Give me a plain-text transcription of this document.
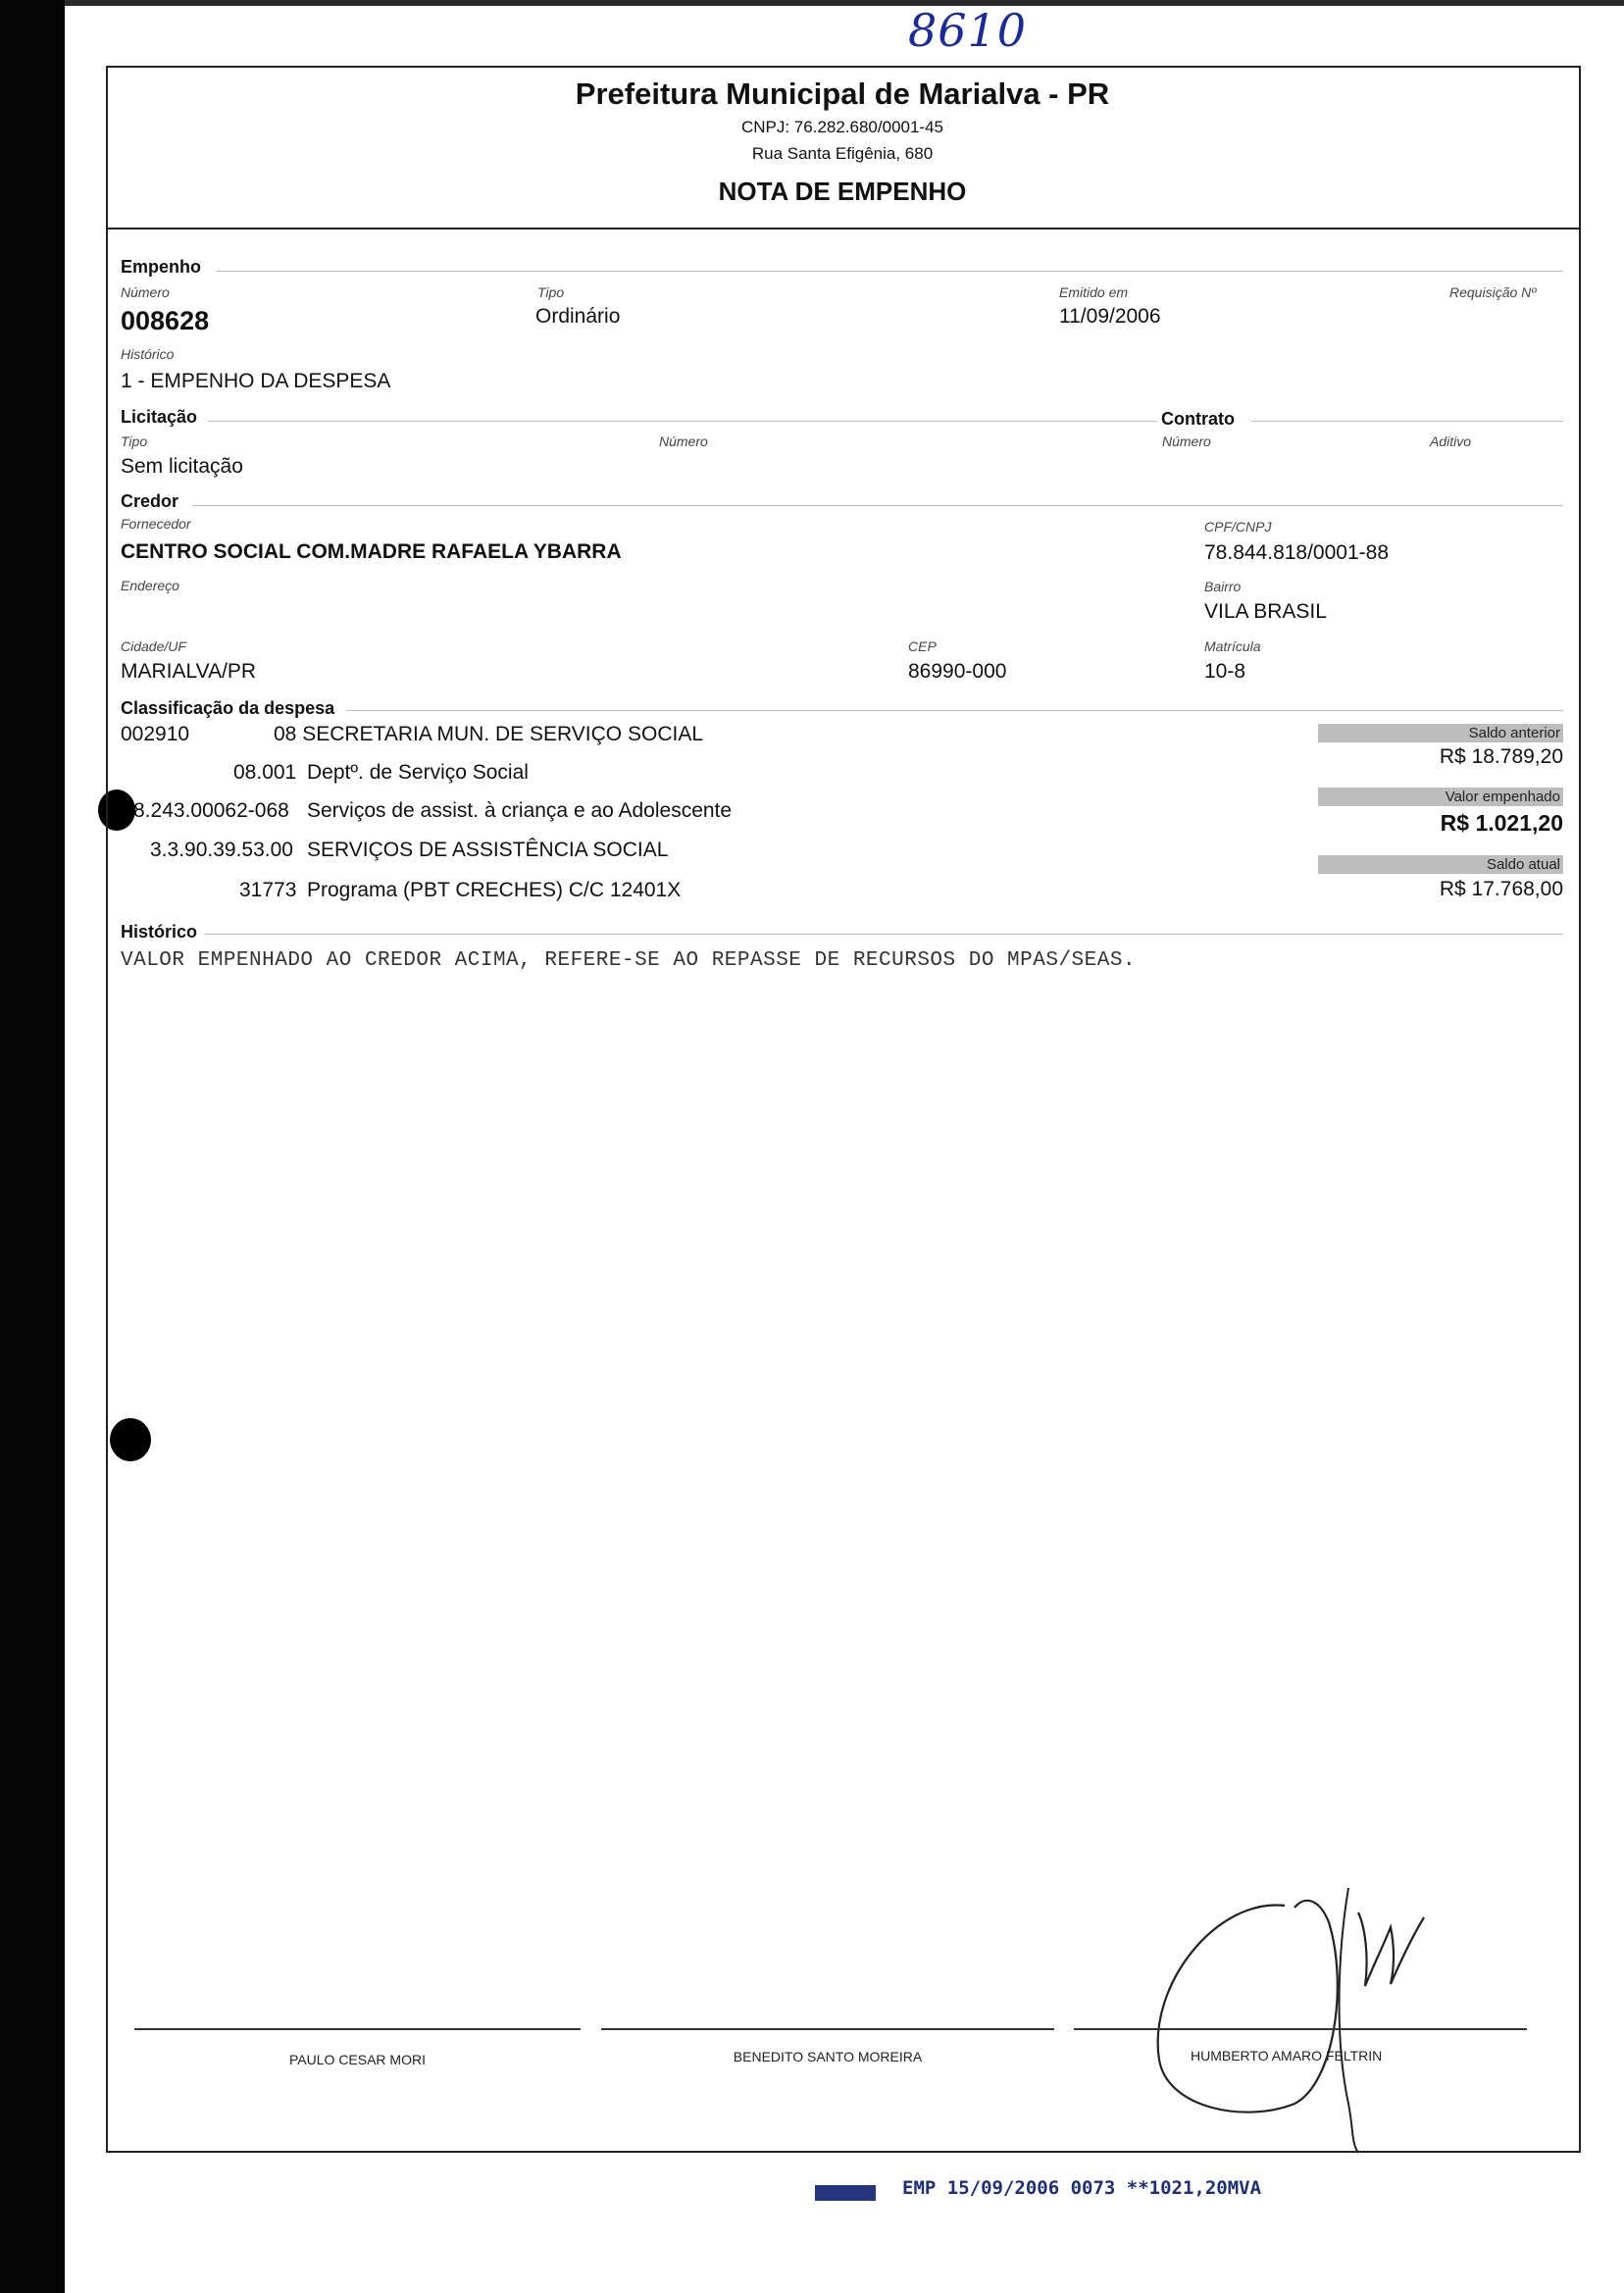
8610
Prefeitura Municipal de Marialva - PR
CNPJ: 76.282.680/0001-45
Rua Santa Efigênia, 680
NOTA DE EMPENHO
Empenho
Número
008628
Tipo
Ordinário
Emitido em
11/09/2006
Requisição Nº
Histórico
1 - EMPENHO DA DESPESA
Licitação
Tipo
Sem licitação
Número
Contrato
Número	Aditivo
Credor
Fornecedor
CENTRO SOCIAL COM.MADRE RAFAELA YBARRA
CPF/CNPJ
78.844.818/0001-88
Endereço	Bairro
VILA BRASIL
Cidade/UF
MARIALVA/PR
CEP
86990-000
Matrícula
10-8
Classificação da despesa
002910	08 SECRETARIA MUN. DE SERVIÇO SOCIAL
08.001 Deptº. de Serviço Social
8.243.00062-068 Serviços de assist. à criança e ao Adolescente
3.3.90.39.53.00 SERVIÇOS DE ASSISTÊNCIA SOCIAL
31773 Programa (PBT CRECHES) C/C 12401X
Saldo anterior
R$ 18.789,20
Valor empenhado
R$ 1.021,20
Saldo atual
R$ 17.768,00
Histórico
VALOR EMPENHADO AO CREDOR ACIMA, REFERE-SE AO REPASSE DE RECURSOS DO MPAS/SEAS.
PAULO CESAR MORI	BENEDITO SANTO MOREIRA	HUMBERTO AMARO FELTRIN
EMP 15/09/2006 0073 **1021,20MVA
